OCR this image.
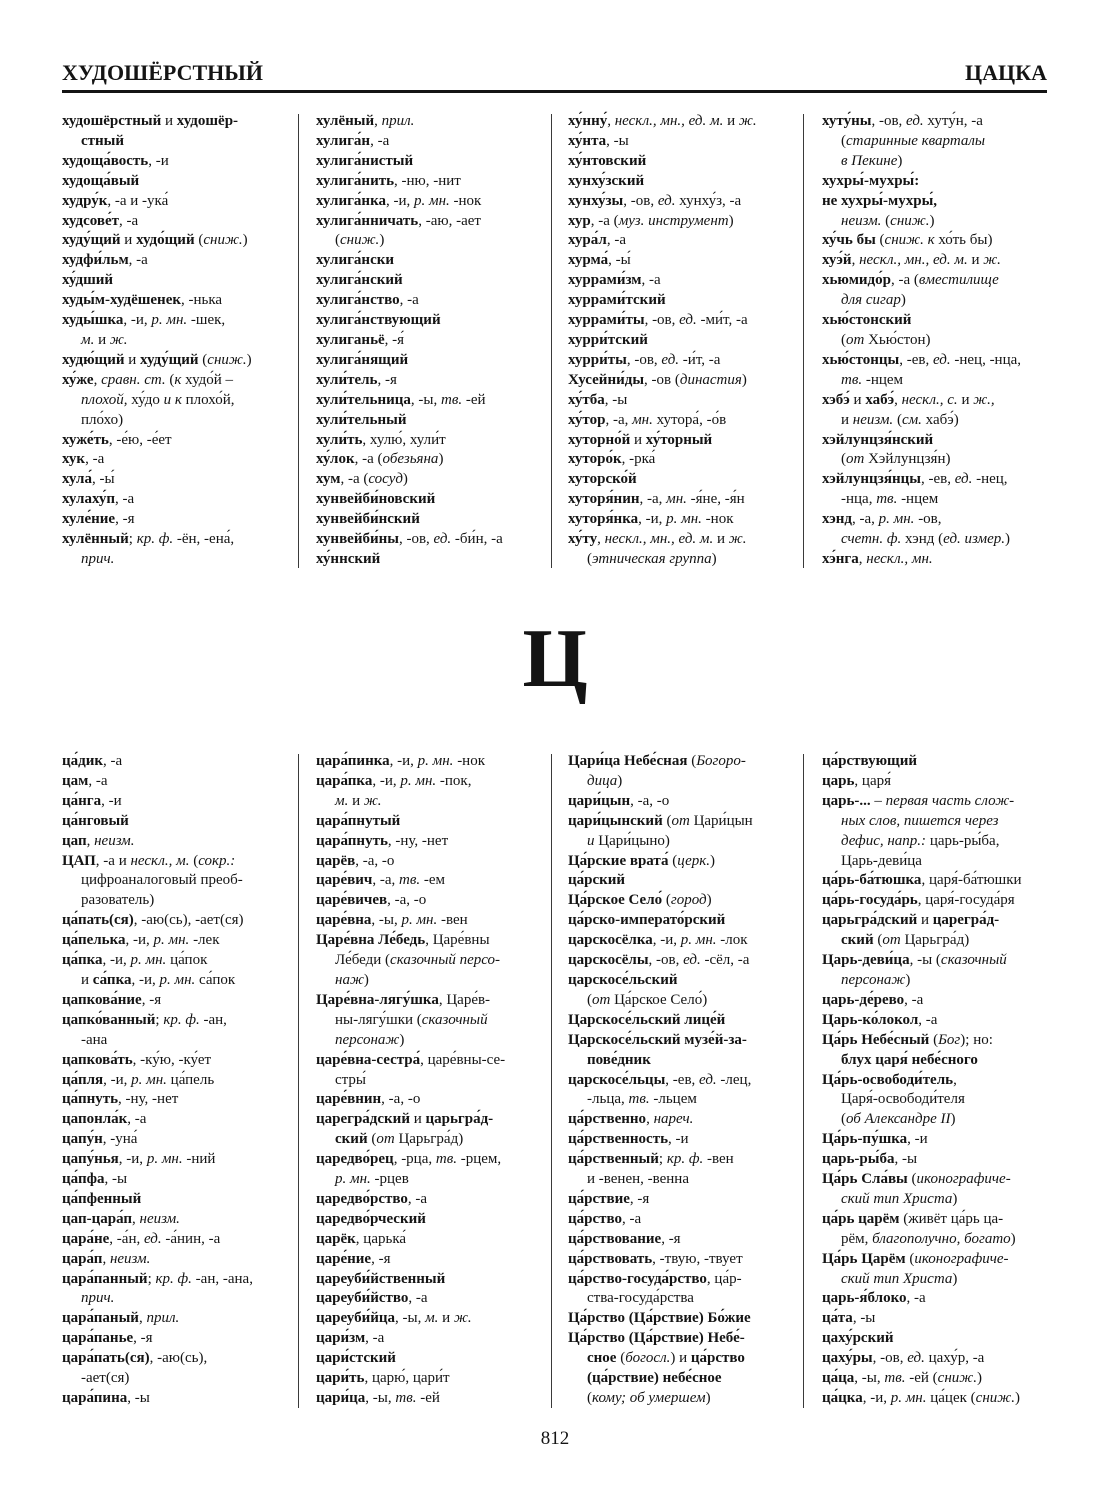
ХУДОШЁРСТНЫЙ	ЦАЦКА
худошёрстный и худошёр-
стный
худоща́вость, -и
худоща́вый
худру́к, -а и -ука́
худсове́т, -а
худу́щий и худо́щий (сниж.)
худфи́льм, -а
ху́дший
худы́м-худёшенек, -нька
худы́шка, -и, р. мн. -шек,
м. и ж.
худю́щий и худу́щий (сниж.)
ху́же, сравн. ст. (к худо́й –
плохой, ху́до и к плохо́й,
пло́хо)
хуже́ть, -е́ю, -е́ет
хук, -а
хула́, -ы́
хулаху́п, -а
хуле́ние, -я
хулённый; кр. ф. -ён, -ена́,
прич.
хулёный, прил.
хулига́н, -а
хулига́нистый
хулига́нить, -ню, -нит
хулига́нка, -и, р. мн. -нок
хулига́нничать, -аю, -ает
(сниж.)
хулига́нски
хулига́нский
хулига́нство, -а
хулига́нствующий
хулиганьё, -я́
хулига́нящий
хули́тель, -я
хули́тельница, -ы, тв. -ей
хули́тельный
хули́ть, хулю́, хули́т
ху́лок, -а (обезьяна)
хум, -а (сосуд)
хунвейби́новский
хунвейби́нский
хунвейби́ны, -ов, ед. -би́н, -а
ху́ннский
ху́нну́, нескл., мн., ед. м. и ж.
ху́нта, -ы
ху́нтовский
хунху́зский
хунху́зы, -ов, ед. хунху́з, -а
хур, -а (муз. инструмент)
хура́л, -а
хурма́, -ы́
хуррами́зм, -а
хуррами́тский
хуррами́ты, -ов, ед. -ми́т, -а
хурри́тский
хурри́ты, -ов, ед. -и́т, -а
Хусейни́ды, -ов (династия)
ху́тба, -ы
ху́тор, -а, мн. хутора́, -о́в
хуторно́й и ху́торный
хуторо́к, -рка́
хуторско́й
хуторя́нин, -а, мн. -я́не, -я́н
хуторя́нка, -и, р. мн. -нок
ху́ту, нескл., мн., ед. м. и ж.
(этническая группа)
хуту́ны, -ов, ед. хуту́н, -а
(старинные кварталы
в Пекине)
хухры́-мухры́:
не хухры́-мухры́,
неизм. (сниж.)
ху́чь бы (сниж. к хо́ть бы)
хуэ́й, нескл., мн., ед. м. и ж.
хьюмидо́р, -а (вместилище
для сигар)
хью́стонский
(от Хью́стон)
хью́стонцы, -ев, ед. -нец, -нца,
тв. -нцем
хэбэ́ и хабэ́, нескл., с. и ж.,
и неизм. (см. хабэ́)
хэйлунцзя́нский
(от Хэйлунцзя́н)
хэйлунцзя́нцы, -ев, ед. -нец,
-нца, тв. -нцем
хэнд, -а, р. мн. -ов,
счетн. ф. хэнд (ед. измер.)
хэ́нга, нескл., мн.
Ц
ца́дик, -а
цам, -а
ца́нга, -и
ца́нговый
цап, неизм.
ЦАП, -а и нескл., м. (сокр.:
цифроаналоговый преоб-
разователь)
ца́пать(ся), -аю(сь), -ает(ся)
ца́пелька, -и, р. мн. -лек
ца́пка, -и, р. мн. ца́пок
и са́пка, -и, р. мн. са́пок
цапкова́ние, -я
цапко́ванный; кр. ф. -ан,
-ана
цапкова́ть, -ку́ю, -ку́ет
ца́пля, -и, р. мн. ца́пель
ца́пнуть, -ну, -нет
цапонла́к, -а
цапу́н, -уна́
цапу́нья, -и, р. мн. -ний
ца́пфа, -ы
ца́пфенный
цап-цара́п, неизм.
цара́не, -а́н, ед. -а́нин, -а
цара́п, неизм.
цара́панный; кр. ф. -ан, -ана,
прич.
цара́паный, прил.
цара́панье, -я
цара́пать(ся), -аю(сь),
-ает(ся)
цара́пина, -ы
цара́пинка, -и, р. мн. -нок
цара́пка, -и, р. мн. -пок,
м. и ж.
цара́пнутый
цара́пнуть, -ну, -нет
царёв, -а, -о
царе́вич, -а, тв. -ем
царе́вичев, -а, -о
царе́вна, -ы, р. мн. -вен
Царе́вна Ле́бедь, Царе́вны
Ле́беди (сказочный персо-
наж)
Царе́вна-лягу́шка, Царе́в-
ны-лягу́шки (сказочный
персонаж)
царе́вна-сестра́, царе́вны-се-
стры́
царе́внин, -а, -о
царегра́дский и царьгра́д-
ский (от Царьгра́д)
царедво́рец, -рца, тв. -рцем,
р. мн. -рцев
царедво́рство, -а
царедво́рческий
царёк, царька́
царе́ние, -я
цареуби́йственный
цареуби́йство, -а
цареуби́йца, -ы, м. и ж.
цари́зм, -а
цари́стский
цари́ть, царю́, цари́т
цари́ца, -ы, тв. -ей
Цари́ца Небе́сная (Богоро-
дица)
цари́цын, -а, -о
цари́цынский (от Цари́цын
и Цари́цыно)
Ца́рские врата́ (церк.)
ца́рский
Ца́рское Село́ (город)
ца́рско-императо́рский
царскосёлка, -и, р. мн. -лок
царскосёлы, -ов, ед. -сёл, -а
царскосе́льский
(от Ца́рское Село́)
Царскосе́льский лице́й
Царскосе́льский музе́й-за-
пове́дник
царскосе́льцы, -ев, ед. -лец,
-льца, тв. -льцем
ца́рственно, нареч.
ца́рственность, -и
ца́рственный; кр. ф. -вен
и -венен, -венна
ца́рствие, -я
ца́рство, -а
ца́рствование, -я
ца́рствовать, -твую, -твует
ца́рство-госуда́рство, ца́р-
ства-госуда́рства
Ца́рство (Ца́рствие) Бо́жие
Ца́рство (Ца́рствие) Небе́-
сное (богосл.) и ца́рство
(ца́рствие) небе́сное
(кому; об умершем)
ца́рствующий
царь, царя́
царь-... – первая часть слож-
ных слов, пишется через
дефис, напр.: царь-ры́ба,
Царь-деви́ца
ца́рь-ба́тюшка, царя́-ба́тюшки
ца́рь-госуда́рь, царя́-госуда́ря
царьгра́дский и царегра́д-
ский (от Царьгра́д)
Царь-деви́ца, -ы (сказочный
персонаж)
царь-де́рево, -а
Царь-ко́локол, -а
Ца́рь Небе́сный (Бог); но:
блух царя́ небе́сного
Ца́рь-освободи́тель,
Царя́-освободи́теля
(об Александре II)
Ца́рь-пу́шка, -и
царь-ры́ба, -ы
Ца́рь Сла́вы (иконографиче-
ский тип Христа)
ца́рь царём (живёт ца́рь ца-
рём, благополучно, богато)
Ца́рь Царём (иконографиче-
ский тип Христа)
царь-я́блоко, -а
ца́та, -ы
цаху́рский
цаху́ры, -ов, ед. цаху́р, -а
ца́ца, -ы, тв. -ей (сниж.)
ца́цка, -и, р. мн. ца́цек (сниж.)
812
